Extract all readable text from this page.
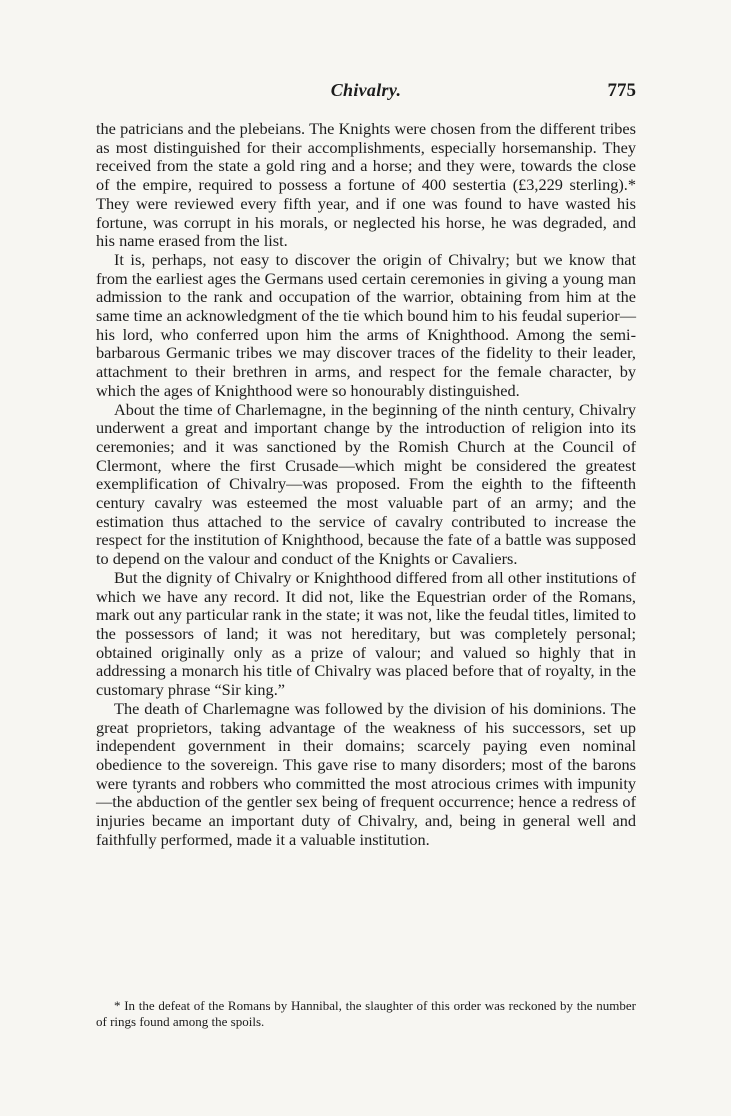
Chivalry.	775

the patricians and the plebeians. The Knights were chosen from the different tribes as most distinguished for their accomplishments, especially horsemanship. They received from the state a gold ring and a horse; and they were, towards the close of the empire, required to possess a fortune of 400 sestertia (£3,229 sterling).* They were reviewed every fifth year, and if one was found to have wasted his fortune, was corrupt in his morals, or neglected his horse, he was degraded, and his name erased from the list.

It is, perhaps, not easy to discover the origin of Chivalry; but we know that from the earliest ages the Germans used certain ceremonies in giving a young man admission to the rank and occupation of the warrior, obtaining from him at the same time an acknowledgment of the tie which bound him to his feudal superior—his lord, who conferred upon him the arms of Knighthood. Among the semi-barbarous Germanic tribes we may discover traces of the fidelity to their leader, attachment to their brethren in arms, and respect for the female character, by which the ages of Knighthood were so honourably distinguished.

About the time of Charlemagne, in the beginning of the ninth century, Chivalry underwent a great and important change by the introduction of religion into its ceremonies; and it was sanctioned by the Romish Church at the Council of Clermont, where the first Crusade—which might be considered the greatest exemplification of Chivalry—was proposed. From the eighth to the fifteenth century cavalry was esteemed the most valuable part of an army; and the estimation thus attached to the service of cavalry contributed to increase the respect for the institution of Knighthood, because the fate of a battle was supposed to depend on the valour and conduct of the Knights or Cavaliers.

But the dignity of Chivalry or Knighthood differed from all other institutions of which we have any record. It did not, like the Equestrian order of the Romans, mark out any particular rank in the state; it was not, like the feudal titles, limited to the possessors of land; it was not hereditary, but was completely personal; obtained originally only as a prize of valour; and valued so highly that in addressing a monarch his title of Chivalry was placed before that of royalty, in the customary phrase “Sir king.”

The death of Charlemagne was followed by the division of his dominions. The great proprietors, taking advantage of the weakness of his successors, set up independent government in their domains; scarcely paying even nominal obedience to the sovereign. This gave rise to many disorders; most of the barons were tyrants and robbers who committed the most atrocious crimes with impunity—the abduction of the gentler sex being of frequent occurrence; hence a redress of injuries became an important duty of Chivalry, and, being in general well and faithfully performed, made it a valuable institution.

* In the defeat of the Romans by Hannibal, the slaughter of this order was reckoned by the number of rings found among the spoils.
